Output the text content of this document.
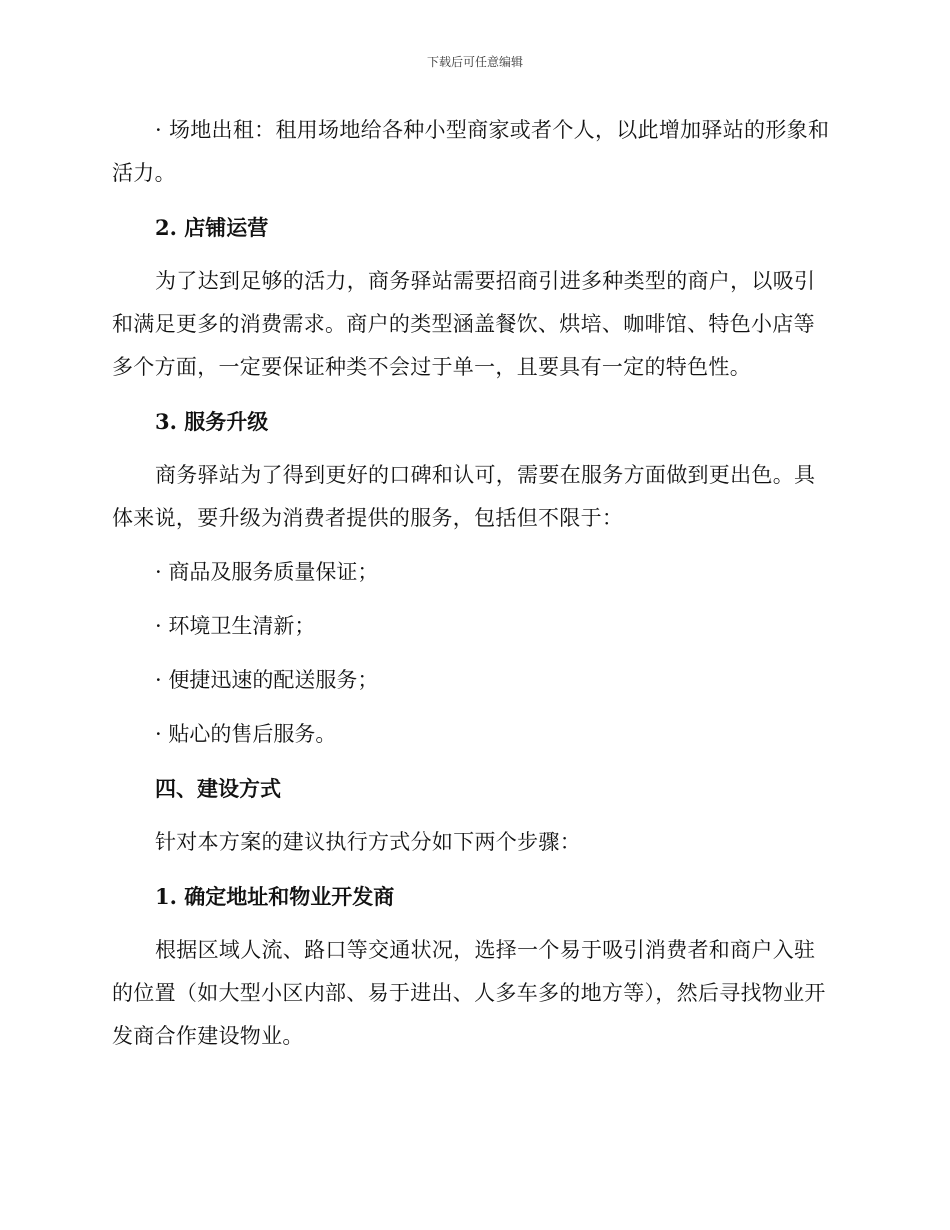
下载后可任意编辑

· 场地出租：租用场地给各种小型商家或者个人，以此增加驿站的形象和活力。

2. 店铺运营

为了达到足够的活力，商务驿站需要招商引进多种类型的商户，以吸引和满足更多的消费需求。商户的类型涵盖餐饮、烘培、咖啡馆、特色小店等多个方面，一定要保证种类不会过于单一，且要具有一定的特色性。

3. 服务升级

商务驿站为了得到更好的口碑和认可，需要在服务方面做到更出色。具体来说，要升级为消费者提供的服务，包括但不限于：

· 商品及服务质量保证；
· 环境卫生清新；
· 便捷迅速的配送服务；
· 贴心的售后服务。
四、建设方式

针对本方案的建议执行方式分如下两个步骤：

1. 确定地址和物业开发商

根据区域人流、路口等交通状况，选择一个易于吸引消费者和商户入驻的位置（如大型小区内部、易于进出、人多车多的地方等），然后寻找物业开发商合作建设物业。
